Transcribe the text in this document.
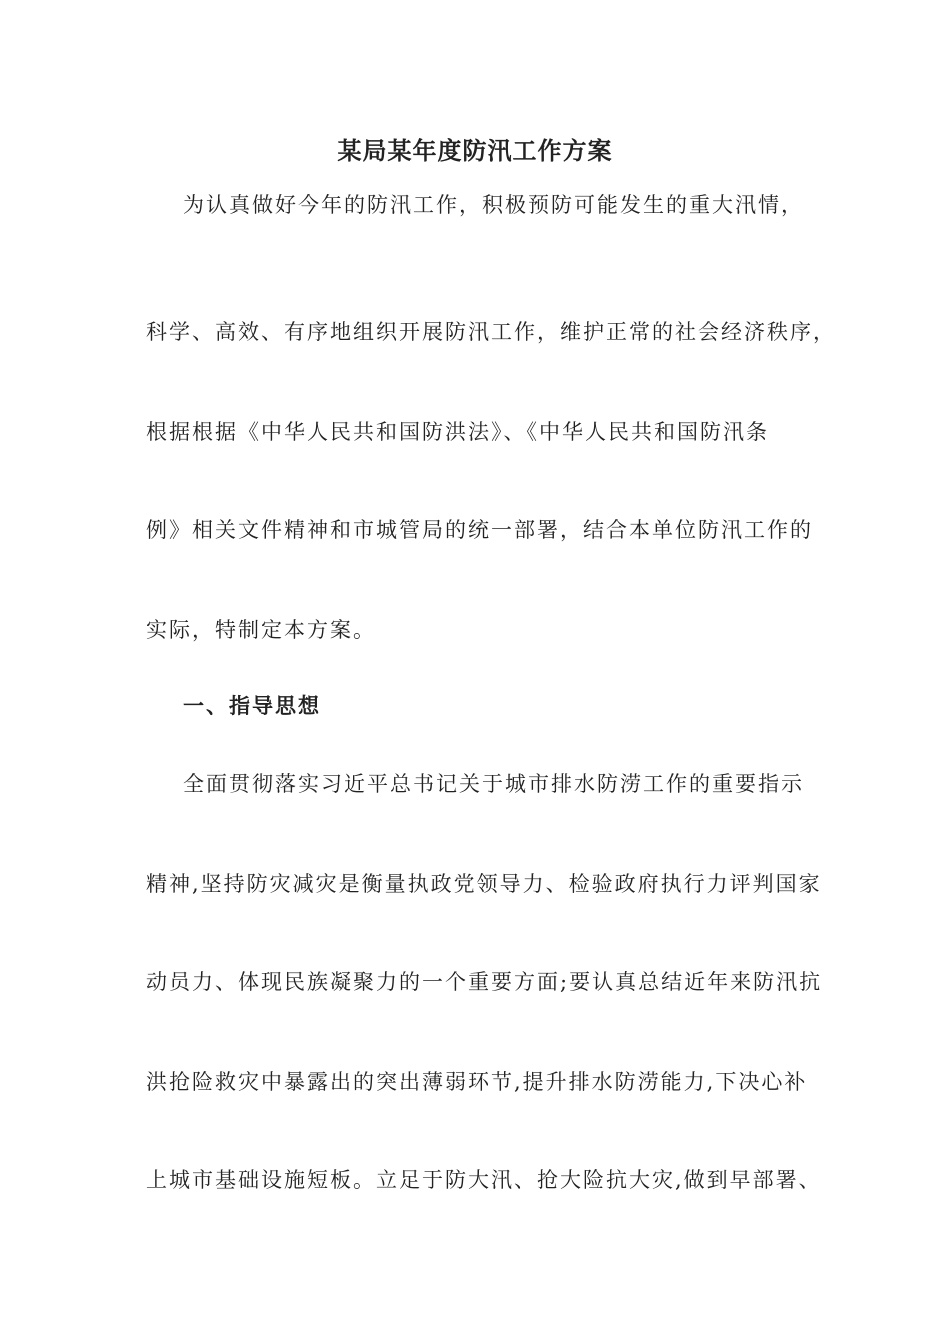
某局某年度防汛工作方案

为认真做好今年的防汛工作，积极预防可能发生的重大汛情，

科学、高效、有序地组织开展防汛工作，维护正常的社会经济秩序，

根据根据《中华人民共和国防洪法》、《中华人民共和国防汛条

例》相关文件精神和市城管局的统一部署，结合本单位防汛工作的

实际，特制定本方案。

一、指导思想

全面贯彻落实习近平总书记关于城市排水防涝工作的重要指示

精神,坚持防灾减灾是衡量执政党领导力、检验政府执行力评判国家

动员力、体现民族凝聚力的一个重要方面;要认真总结近年来防汛抗

洪抢险救灾中暴露出的突出薄弱环节,提升排水防涝能力,下决心补

上城市基础设施短板。立足于防大汛、抢大险抗大灾,做到早部署、
